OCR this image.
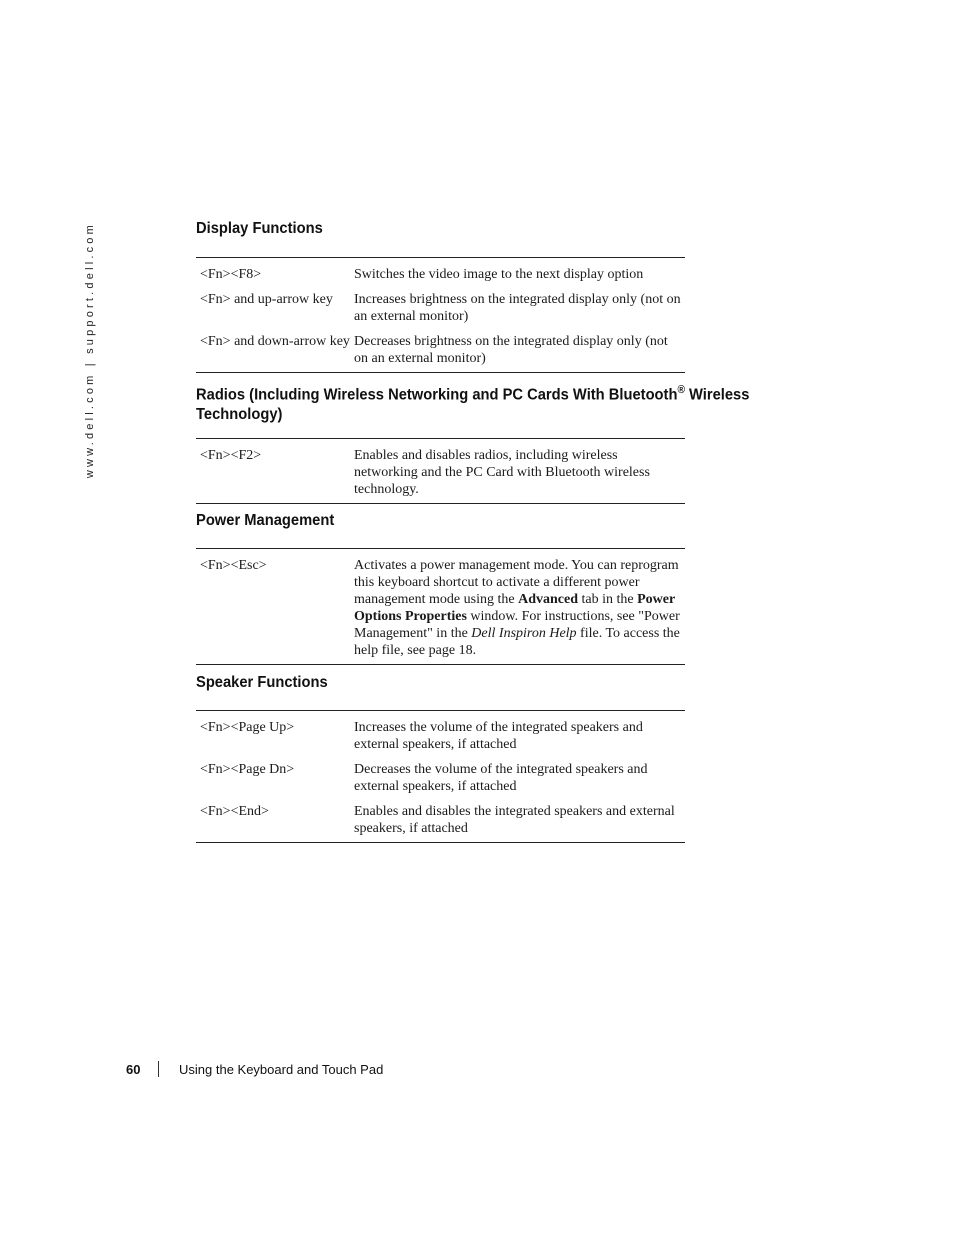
www.dell.com | support.dell.com	Display Functions
<Fn><F8>	Switches the video image to the next display option
<Fn> and up-arrow key	Increases brightness on the integrated display only (not on an external monitor)
<Fn> and down-arrow key	Decreases brightness on the integrated display only (not on an external monitor)
Radios (Including Wireless Networking and PC Cards With Bluetooth® Wireless
Technology)
<Fn><F2>	Enables and disables radios, including wireless networking and the PC Card with Bluetooth wireless technology.
Power Management
<Fn><Esc>	Activates a power management mode. You can reprogram this keyboard shortcut to activate a different power management mode using the Advanced tab in the Power Options Properties window. For instructions, see "Power Management" in the Dell Inspiron Help file. To access the help file, see page 18.
Speaker Functions
<Fn><Page Up>	Increases the volume of the integrated speakers and external speakers, if attached
<Fn><Page Dn>	Decreases the volume of the integrated speakers and external speakers, if attached
<Fn><End>	Enables and disables the integrated speakers and external speakers, if attached
60	Using the Keyboard and Touch Pad
